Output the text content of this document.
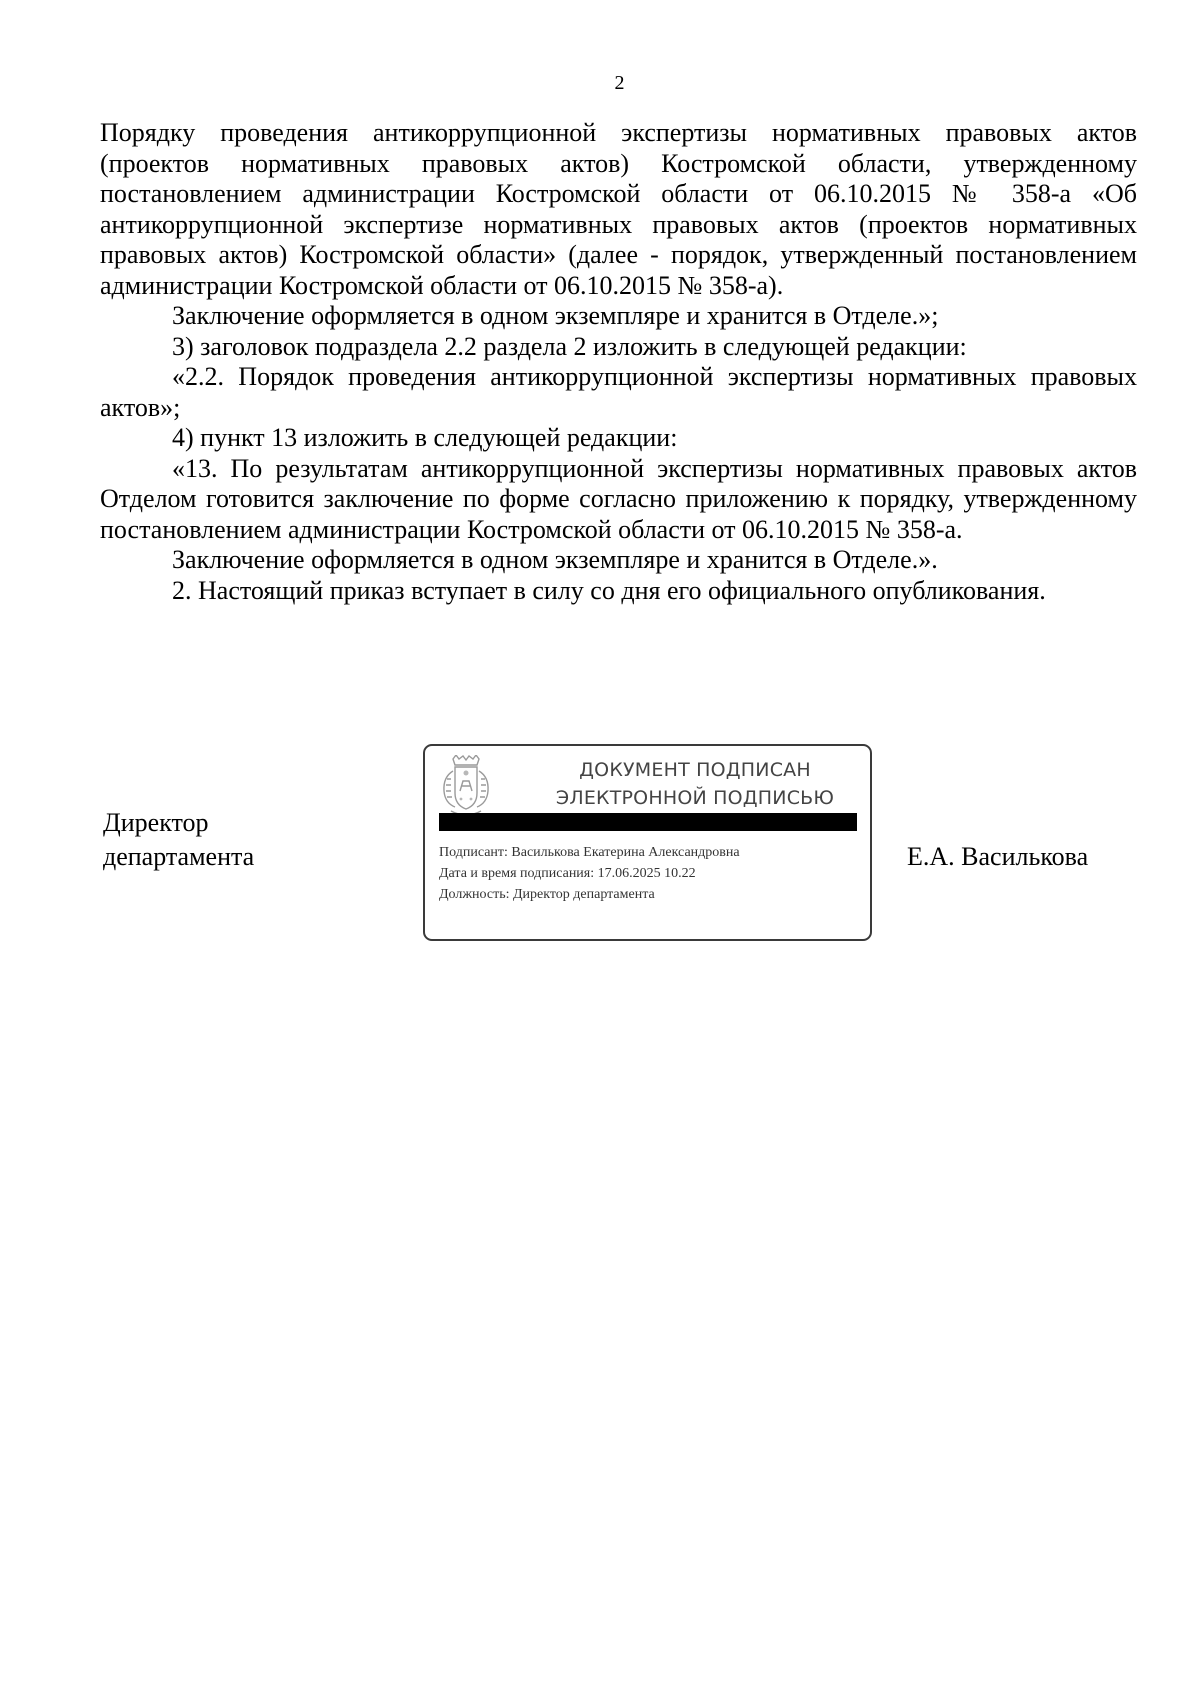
2

Порядку проведения антикоррупционной экспертизы нормативных правовых актов (проектов нормативных правовых актов) Костромской области, утвержденному постановлением администрации Костромской области от 06.10.2015 № 358-а «Об антикоррупционной экспертизе нормативных правовых актов (проектов нормативных правовых актов) Костромской области» (далее - порядок, утвержденный постановлением администрации Костромской области от 06.10.2015 № 358-а).

Заключение оформляется в одном экземпляре и хранится в Отделе.»;

3) заголовок подраздела 2.2 раздела 2 изложить в следующей редакции:

«2.2. Порядок проведения антикоррупционной экспертизы нормативных правовых актов»;

4) пункт 13 изложить в следующей редакции:

«13. По результатам антикоррупционной экспертизы нормативных правовых актов Отделом готовится заключение по форме согласно приложению к порядку, утвержденному постановлением администрации Костромской области от 06.10.2015 № 358-а.

Заключение оформляется в одном экземпляре и хранится в Отделе.».

2. Настоящий приказ вступает в силу со дня его официального опубликования.

Директор
департамента
ДОКУМЕНТ ПОДПИСАН
ЭЛЕКТРОННОЙ ПОДПИСЬЮ
Подписант: Василькова Екатерина Александровна
Дата и время подписания: 17.06.2025 10.22
Должность: Директор департамента
Е.А. Василькова
